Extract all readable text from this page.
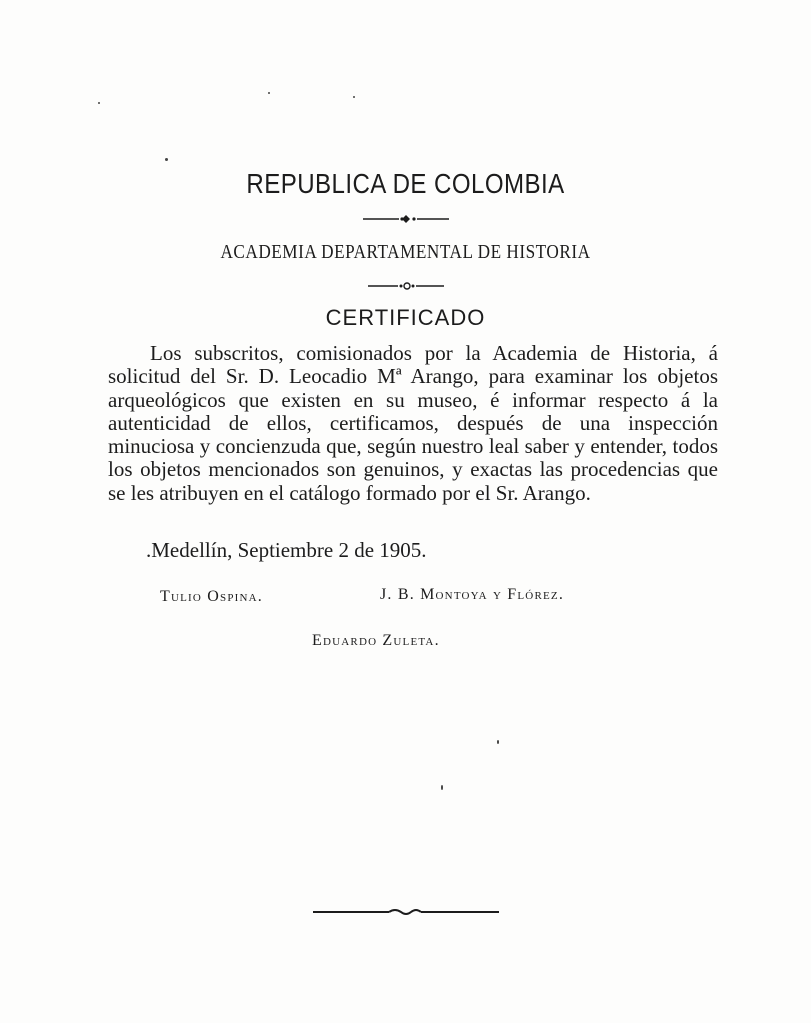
REPUBLICA DE COLOMBIA
ACADEMIA DEPARTAMENTAL DE HISTORIA
CERTIFICADO

Los subscritos, comisionados por la Academia de Historia, á solicitud del Sr. D. Leocadio Mª Arango, para examinar los objetos arqueológicos que existen en su museo, é informar respecto á la autenticidad de ellos, certificamos, después de una inspección minuciosa y concienzuda que, según nuestro leal saber y entender, todos los objetos mencionados son genuinos, y exactas las procedencias que se les atribuyen en el catálogo formado por el Sr. Arango.

.Medellín, Septiembre 2 de 1905.
Tulio Ospina.	J. B. Montoya y Flórez.
Eduardo Zuleta.
